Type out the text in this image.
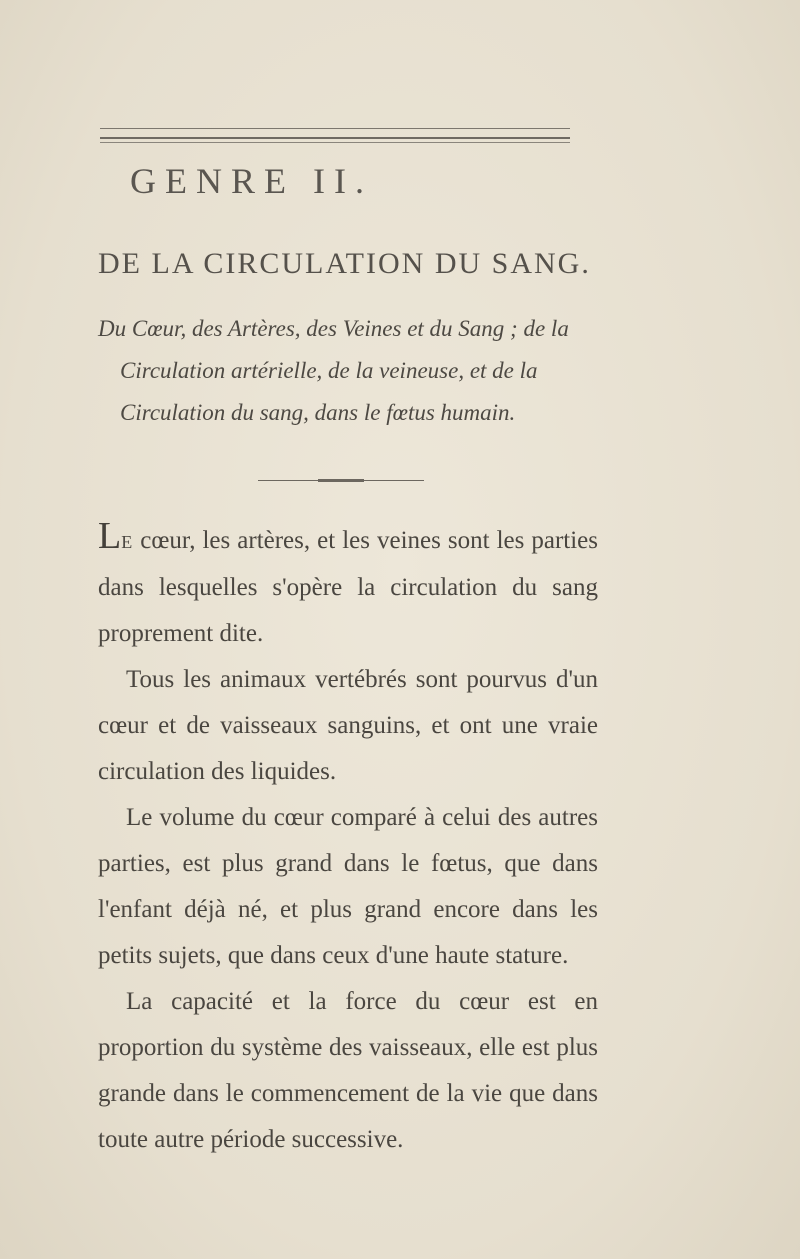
GENRE II.
DE LA CIRCULATION DU SANG.
Du Cœur, des Artères, des Veines et du Sang ; de la Circulation artérielle, de la veineuse, et de la Circulation du sang, dans le fœtus humain.

LE cœur, les artères, et les veines sont les parties dans lesquelles s'opère la circulation du sang proprement dite.

Tous les animaux vertébrés sont pourvus d'un cœur et de vaisseaux sanguins, et ont une vraie circulation des liquides.

Le volume du cœur comparé à celui des autres parties, est plus grand dans le fœtus, que dans l'enfant déjà né, et plus grand encore dans les petits sujets, que dans ceux d'une haute stature.

La capacité et la force du cœur est en proportion du système des vaisseaux, elle est plus grande dans le commencement de la vie que dans toute autre période successive.
